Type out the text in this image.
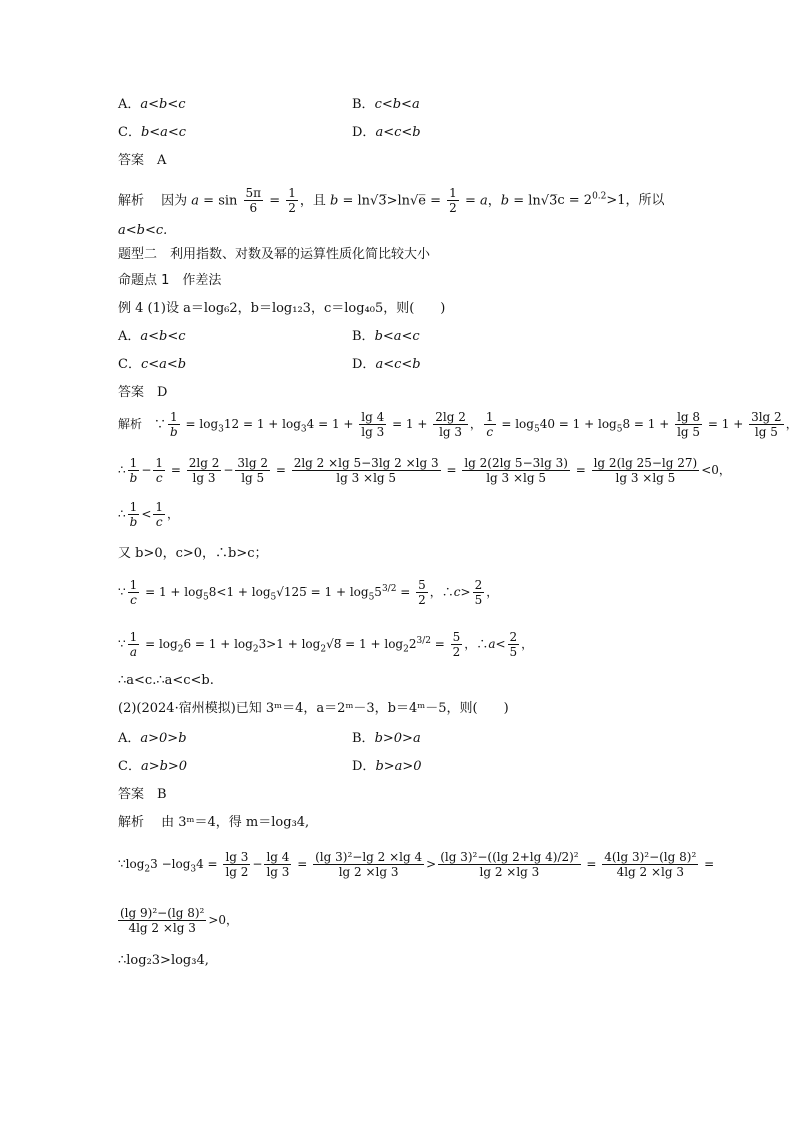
A．a<b<c	B．c<b<a
C．b<a<c	D．a<c<b
答案　 A
解析　 因为 $a = \sin \frac{5\pi}{6} = \frac{1}{2}$ ，且 b = ln√3̅>ln√e̅ = $\frac{1}{2} = a$，b = ln√3̅c = $2^{0.2}>1$，所以
a<b<c.
题型二　利用指数、对数及幂的运算性质化简比较大小
命题点 1　作差法
例 4 (1)设 a＝log₆2，b＝log₁₂3，c＝log₄₀5，则(　　)
A．a<b<c	B．b<a<c
C．c<a<b	D．a<c<b
答案　 D
解析　∵ $\frac{1}{b} = \log_312 = 1 + \log_34 = 1 + \frac{\lg 4}{\lg 3} = 1 + \frac{2\lg 2}{\lg 3}$ ， $\frac{1}{c} = \log_540 = 1 + \log_58 = 1 + \frac{\lg 8}{\lg 5} = 1 + \frac{3\lg 2}{\lg 5}$ ，
∴ $\frac{1}{b} - \frac{1}{c} = \frac{2\lg 2}{\lg 3} - \frac{3\lg 2}{\lg 5} = \frac{2\lg 2 \times\lg 5-3\lg 2 \times\lg 3}{\lg 3 \times\lg 5} = \frac{\lg 2(2\lg 5-3\lg 3)}{\lg 3 \times\lg 5} = \frac{\lg 2(\lg 25-\lg 27)}{\lg 3 \times\lg 5} <0$，
∴ $\frac{1}{b} < \frac{1}{c}$ ，
又 b>0，c>0，∴b>c；
∵ $\frac{1}{c} = 1 + \log_58<1$ + $\log_5√125̅ = 1 + \log_55^{3/2} = \frac{5}{2}$ ，∴c> $\frac{2}{5}$ ，
∵ $\frac{1}{a} = \log_26 = 1 + \log_23>1$ + $\log_2√8̅ = 1 + \log_22^{3/2} = \frac{5}{2}$ ，∴a< $\frac{2}{5}$ ，
∴a<c.∴a<c<b.
(2)(2024·宿州模拟)已知 3ᵐ＝4，a＝2ᵐ－3，b＝4ᵐ－5，则(　　)
A．a>0>b	B．b>0>a
C．a>b>0	D．b>a>0
答案　 B
解析　 由 3ᵐ＝4，得 m＝log₃4,
$\because\log_23 -\log_34 = \frac{\lg 3}{\lg 2} - \frac{\lg 4}{\lg 3} = \frac{\text{(lg 3)²−lg 2 ×lg 4}}{\lg 2 \times\lg 3} > \frac{\text{(lg 3)²−((lg 2+lg 4)/2)²}}{\lg 2 \times\lg 3} = \frac{\text{4(lg 3)²−(lg 8)²}}{4\lg 2 \times\lg 3}$ =
$\frac{\text{(lg 9)²−(lg 8)²}}{4\lg 2 \times\lg 3} >0$，
∴log₂3>log₃4,
